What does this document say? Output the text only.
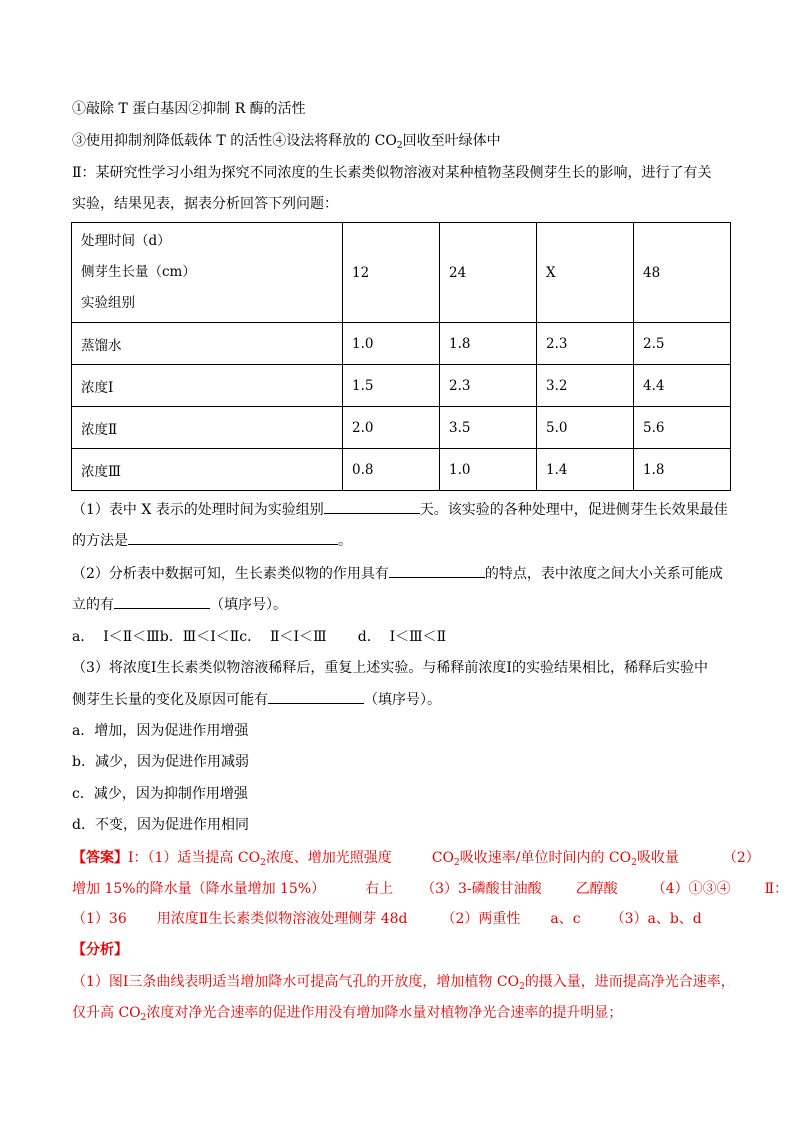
①敲除 T 蛋白基因②抑制 R 酶的活性
③使用抑制剂降低载体 T 的活性④设法将释放的 $CO_2$回收至叶绿体中
Ⅱ：某研究性学习小组为探究不同浓度的生长素类似物溶液对某种植物茎段侧芽生长的影响，进行了有关
实验，结果见表，据表分析回答下列问题：
处理时间（d）
侧芽生长量（cm）
实验组别	12	24	X	48
蒸馏水	1.0	1.8	2.3	2.5
浓度Ⅰ	1.5	2.3	3.2	4.4
浓度Ⅱ	2.0	3.5	5.0	5.6
浓度Ⅲ	0.8	1.0	1.4	1.8
（1）表中 X 表示的处理时间为实验组别	天。该实验的各种处理中，促进侧芽生长效果最佳
的方法是	。
（2）分析表中数据可知，生长素类似物的作用具有	的特点，表中浓度之间大小关系可能成
立的有	（填序号）。
a．  Ⅰ＜Ⅱ＜Ⅲb．Ⅲ＜Ⅰ＜Ⅱc．  Ⅱ＜Ⅰ＜Ⅲ       d．  Ⅰ＜Ⅲ＜Ⅱ
（3）将浓度Ⅰ生长素类似物溶液稀释后，重复上述实验。与稀释前浓度Ⅰ的实验结果相比，稀释后实验中
侧芽生长量的变化及原因可能有	（填序号）。
a．增加，因为促进作用增强
b．减少，因为促进作用减弱
c．减少，因为抑制作用增强
d．不变，因为促进作用相同
【答案】Ⅰ：（1）适当提高 $CO_2$浓度、增加光照强度	$CO_2$吸收速率/单位时间内的 $CO_2$吸收量	（2）
增加 15%的降水量（降水量增加 15%）	右上 （3）3-磷酸甘油酸 乙醇酸 （4）①③④ Ⅱ：
（1）36 用浓度Ⅱ生长素类似物溶液处理侧芽 48d （2）两重性 a、c （3）a、b、d
【分析】
（1）图Ⅰ三条曲线表明适当增加降水可提高气孔的开放度，增加植物 $CO_2$的摄入量，进而提高净光合速率，
仅升高 $CO_2$浓度对净光合速率的促进作用没有增加降水量对植物净光合速率的提升明显；
